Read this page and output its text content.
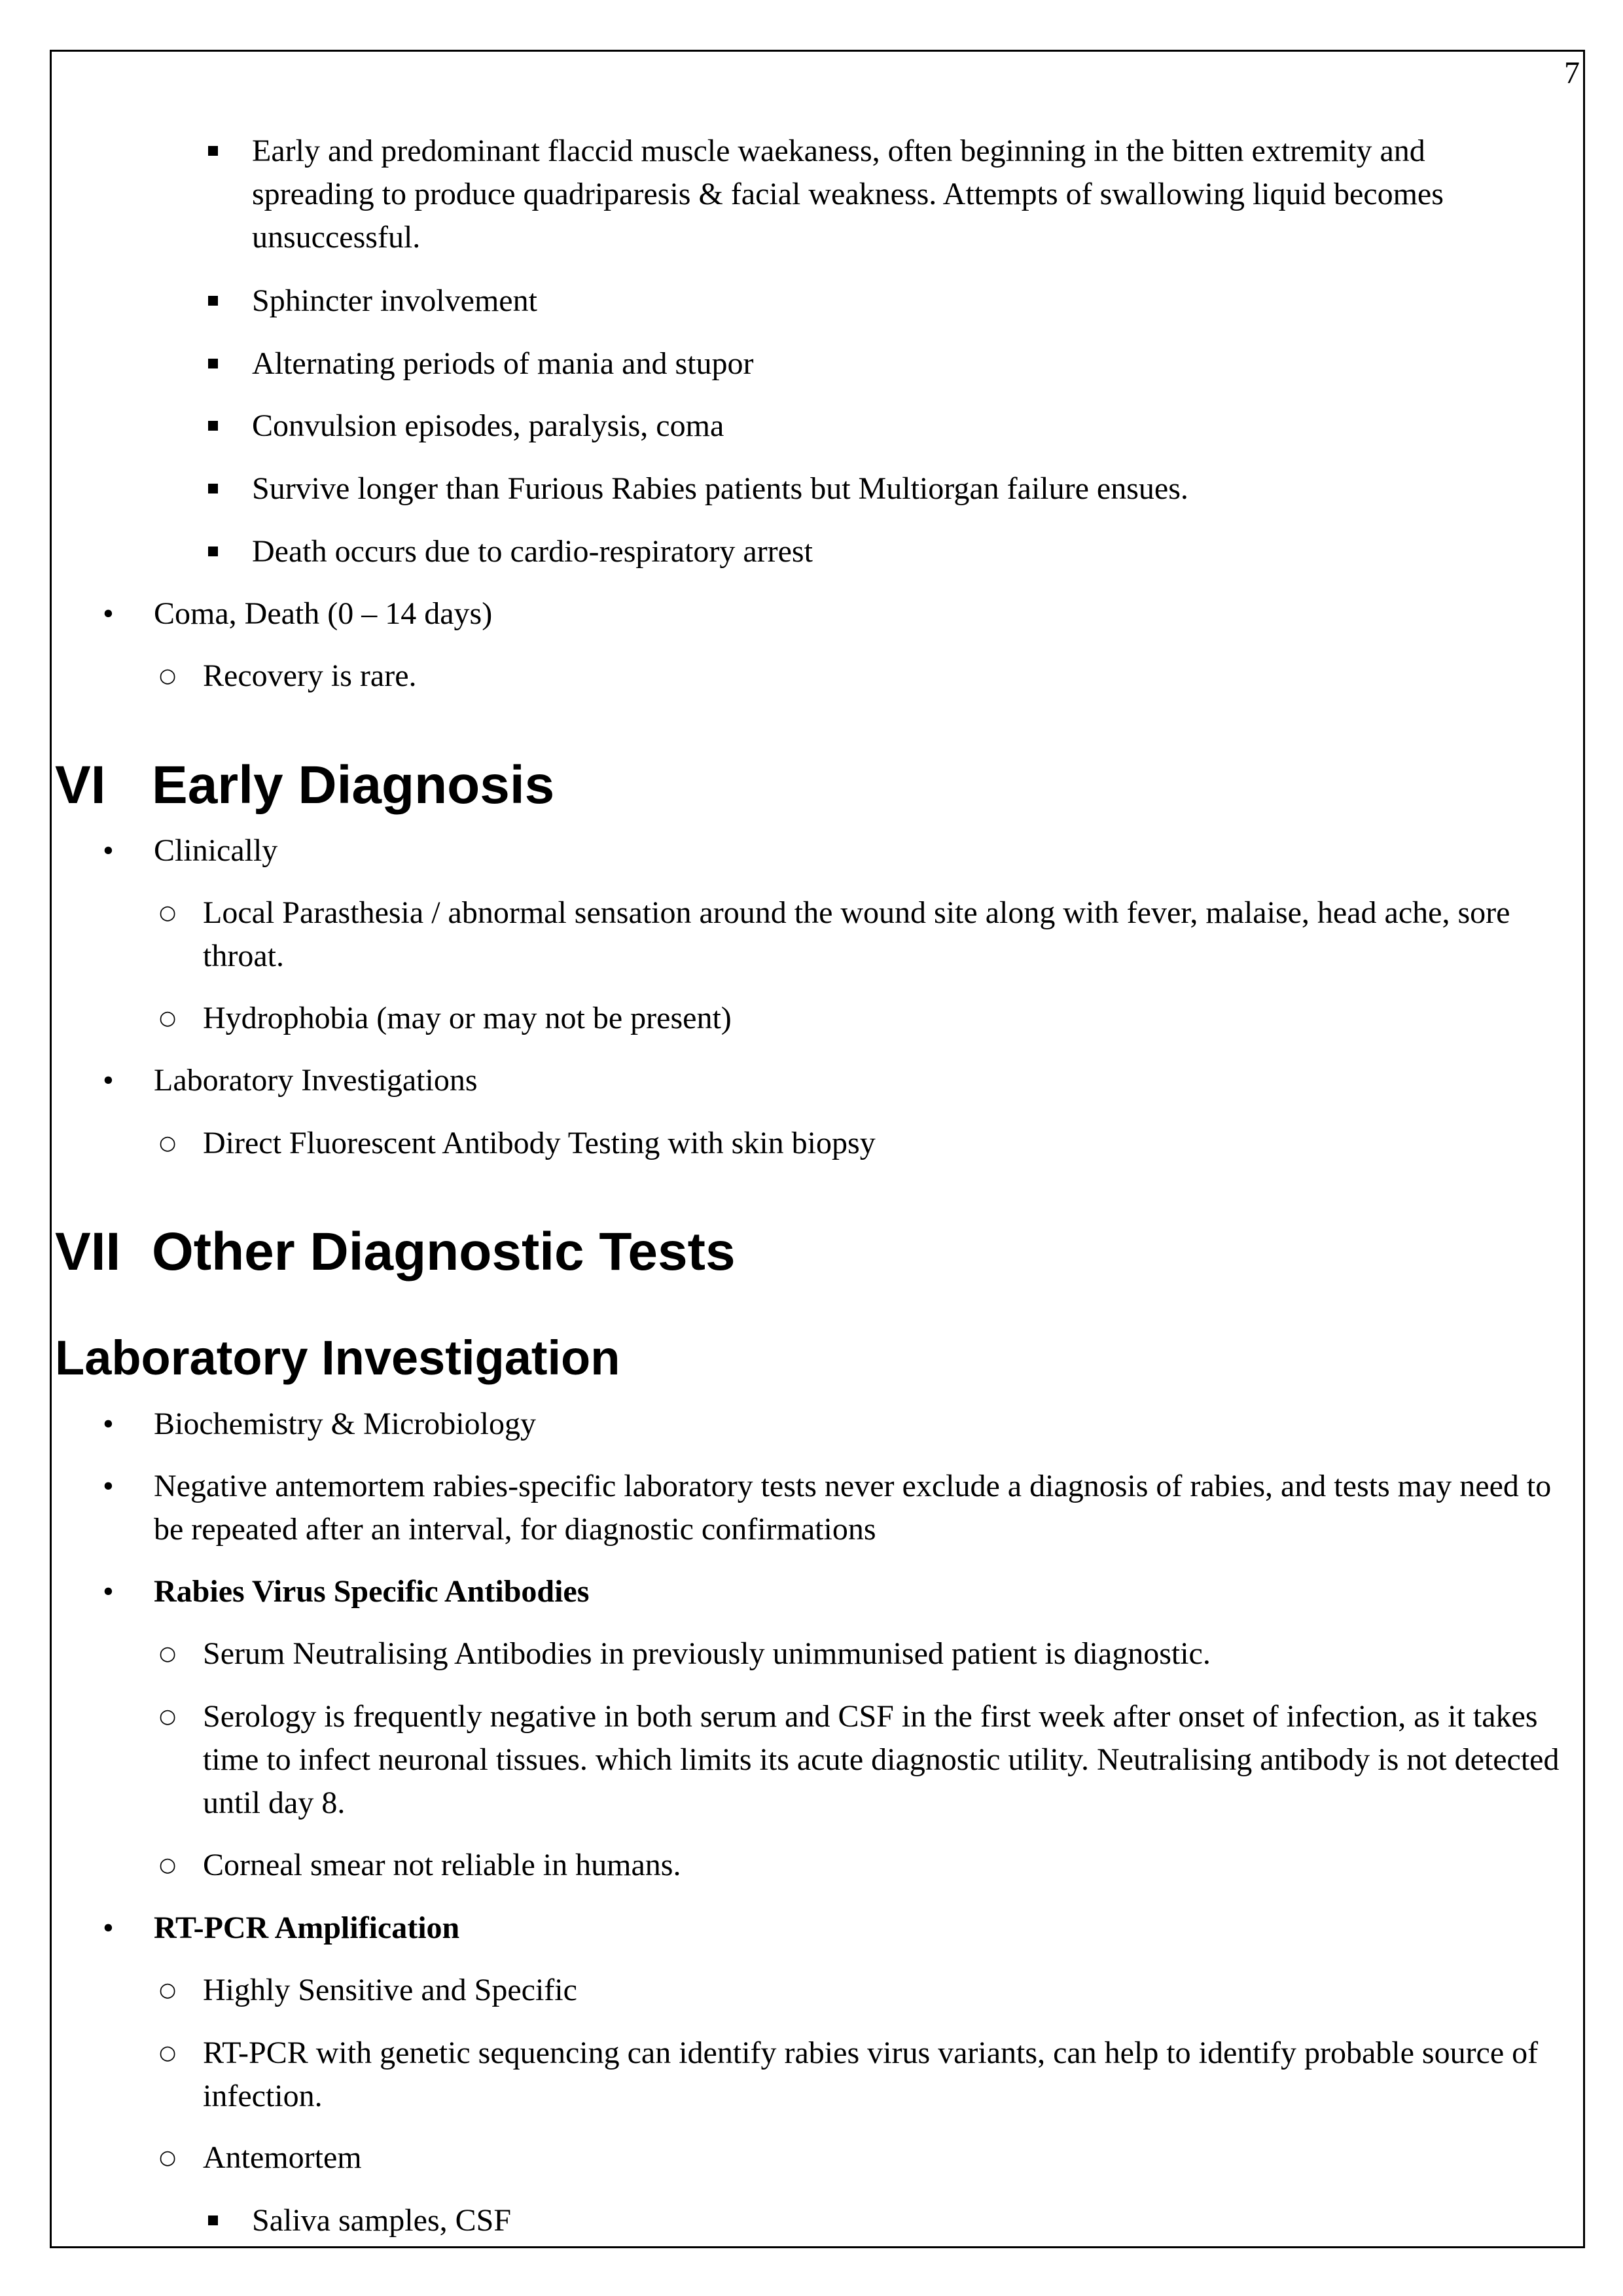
7

Early and predominant flaccid muscle waekaness, often beginning in the bitten extremity and spreading to produce quadriparesis & facial weakness. Attempts of swallowing liquid becomes unsuccessful.

Sphincter involvement

Alternating periods of mania and stupor

Convulsion episodes, paralysis, coma

Survive longer than Furious Rabies patients but Multiorgan failure ensues.

Death occurs due to cardio-respiratory arrest

• Coma, Death (0 – 14 days)

○ Recovery is rare.

VI Early Diagnosis
• Clinically

○ Local Parasthesia / abnormal sensation around the wound site along with fever, malaise, head ache, sore throat.

○ Hydrophobia (may or may not be present)

• Laboratory Investigations

○ Direct Fluorescent Antibody Testing with skin biopsy

VII Other Diagnostic Tests
Laboratory Investigation
• Biochemistry & Microbiology

• Negative antemortem rabies-specific laboratory tests never exclude a diagnosis of rabies, and tests may need to be repeated after an interval, for diagnostic confirmations

• Rabies Virus Specific Antibodies

○ Serum Neutralising Antibodies in previously unimmunised patient is diagnostic.

○ Serology is frequently negative in both serum and CSF in the first week after onset of infection, as it takes time to infect neuronal tissues. which limits its acute diagnostic utility. Neutralising antibody is not detected until day 8.

○ Corneal smear not reliable in humans.

• RT-PCR Amplification

○ Highly Sensitive and Specific

○ RT-PCR with genetic sequencing can identify rabies virus variants, can help to identify probable source of infection.

○ Antemortem

Saliva samples, CSF
